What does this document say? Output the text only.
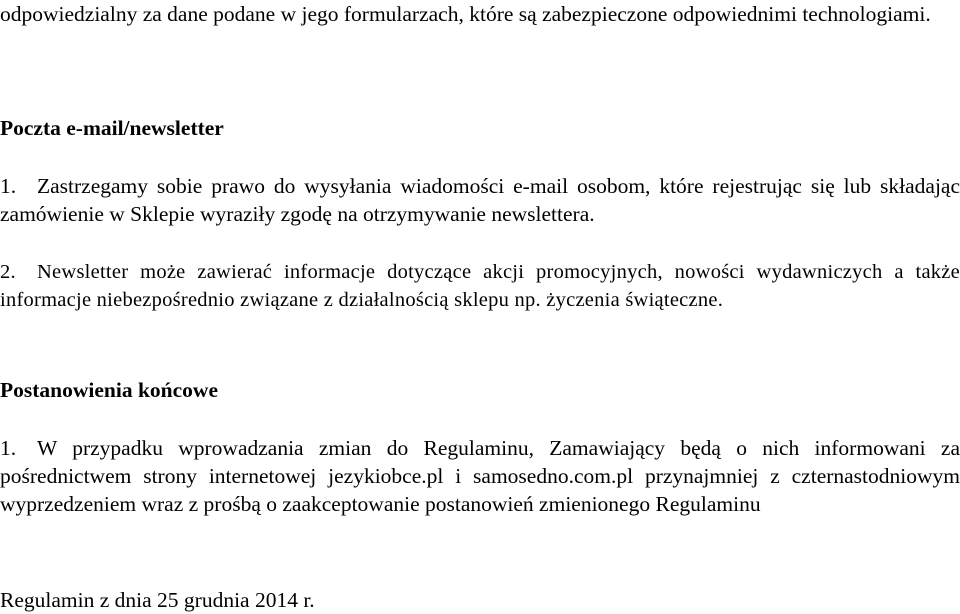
odpowiedzialny za dane podane w jego formularzach, które są zabezpieczone odpowiednimi technologiami.
Poczta e-mail/newsletter
1. Zastrzegamy sobie prawo do wysyłania wiadomości e-mail osobom, które rejestrując się lub składając zamówienie w Sklepie wyraziły zgodę na otrzymywanie newslettera.
2. Newsletter może zawierać informacje dotyczące akcji promocyjnych, nowości wydawniczych a także informacje niebezpośrednio związane z działalnością sklepu np. życzenia świąteczne.
Postanowienia końcowe
1. W przypadku wprowadzania zmian do Regulaminu, Zamawiający będą o nich informowani za pośrednictwem strony internetowej jezykiobce.pl i samosedno.com.pl przynajmniej z czternastodniowym wyprzedzeniem wraz z prośbą o zaakceptowanie postanowień zmienionego Regulaminu
Regulamin z dnia 25 grudnia 2014 r.
